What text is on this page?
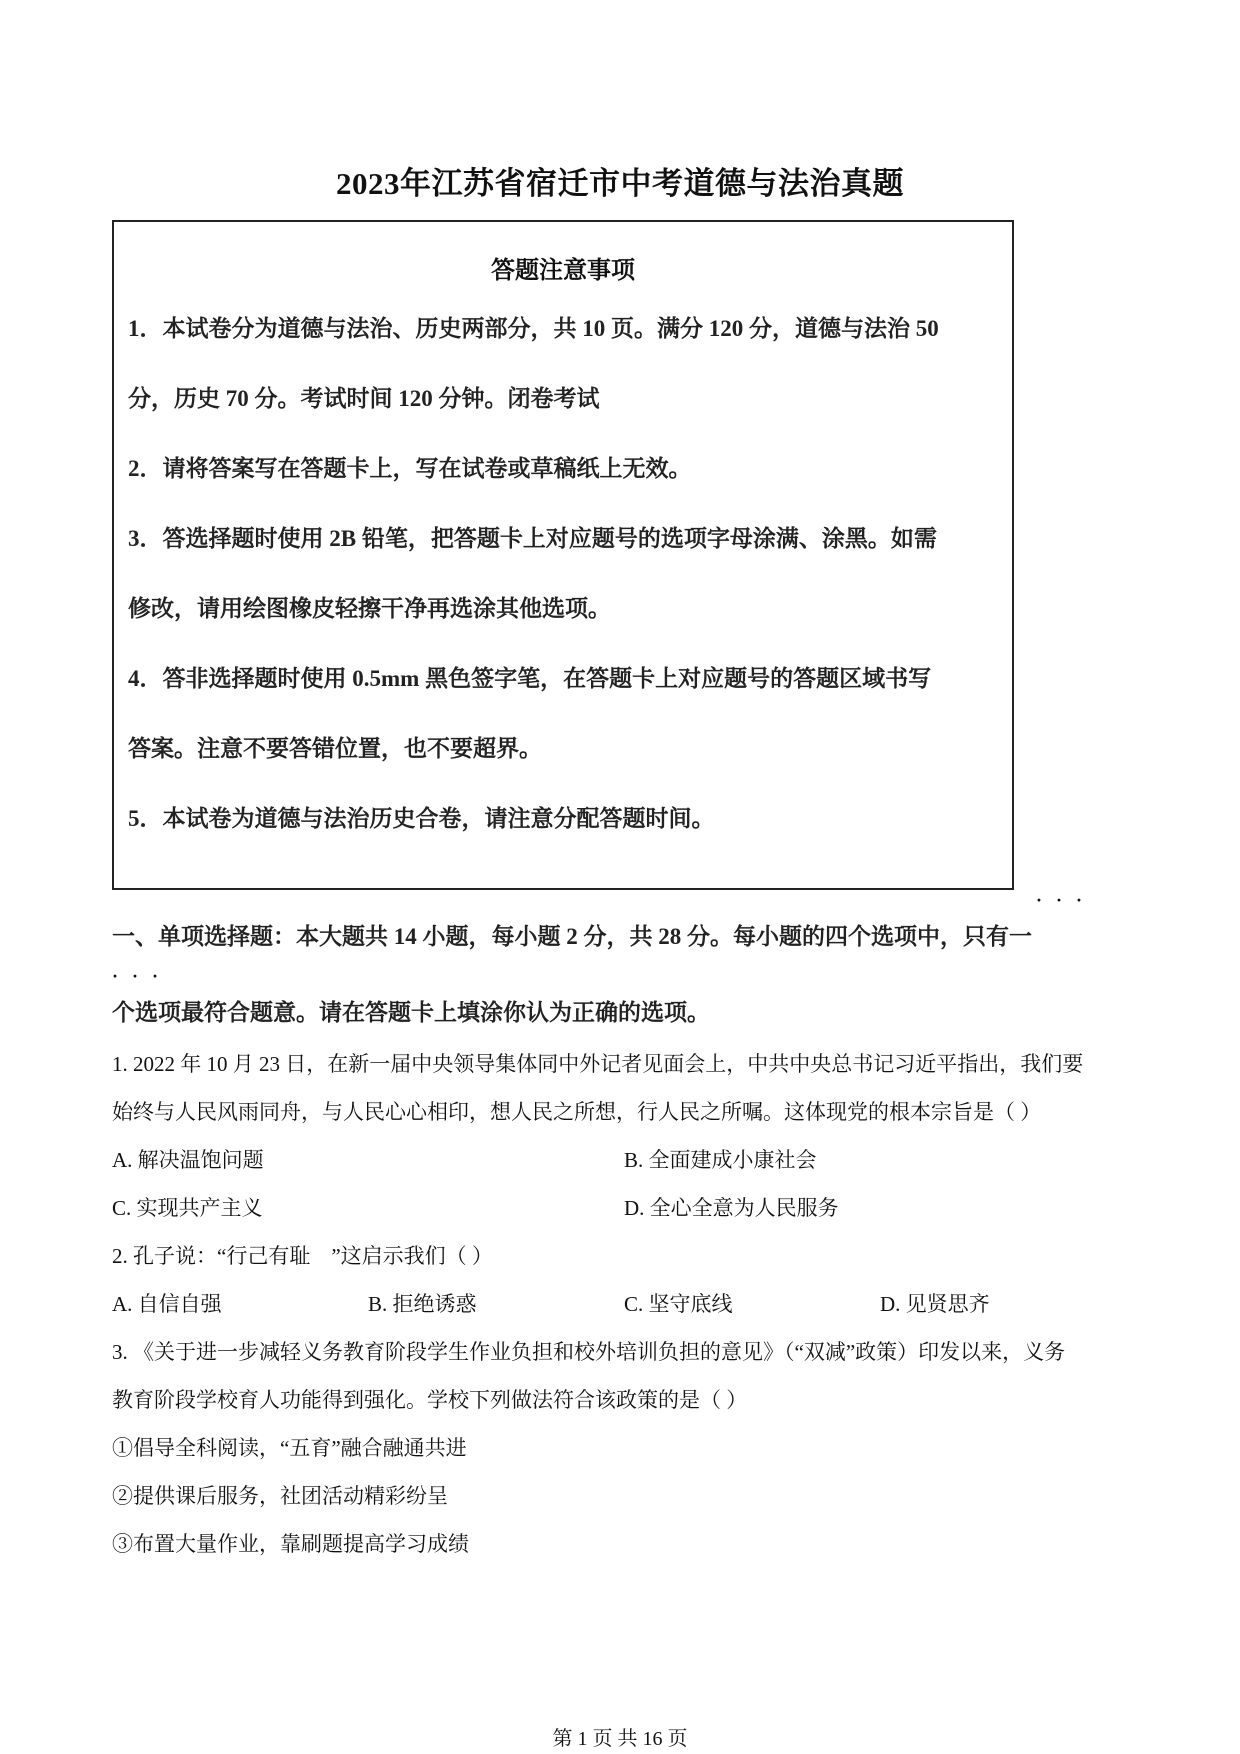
2023年江苏省宿迁市中考道德与法治真题
答题注意事项
1．本试卷分为道德与法治、历史两部分，共 10 页。满分 120 分，道德与法治 50
分，历史 70 分。考试时间 120 分钟。闭卷考试
2．请将答案写在答题卡上，写在试卷或草稿纸上无效。
3．答选择题时使用 2B 铅笔，把答题卡上对应题号的选项字母涂满、涂黑。如需
修改，请用绘图橡皮轻擦干净再选涂其他选项。
4．答非选择题时使用 0.5mm 黑色签字笔，在答题卡上对应题号的答题区域书写
答案。注意不要答错位置，也不要超界。
5．本试卷为道德与法治历史合卷，请注意分配答题时间。
···
一、单项选择题：本大题共 14 小题，每小题 2 分，共 28 分。每小题的四个选项中，只有一
···
个选项最符合题意。请在答题卡上填涂你认为正确的选项。
1. 2022 年 10 月 23 日，在新一届中央领导集体同中外记者见面会上，中共中央总书记习近平指出，我们要
始终与人民风雨同舟，与人民心心相印，想人民之所想，行人民之所嘱。这体现党的根本宗旨是（ ）
A. 解决温饱问题	B. 全面建成小康社会
C. 实现共产主义	D. 全心全意为人民服务
2. 孔子说：“行己有耻　”这启示我们（ ）
A. 自信自强	B. 拒绝诱惑	C. 坚守底线	D. 见贤思齐
3. 《关于进一步减轻义务教育阶段学生作业负担和校外培训负担的意见》（“双减”政策）印发以来，义务
教育阶段学校育人功能得到强化。学校下列做法符合该政策的是（ ）
①倡导全科阅读，“五育”融合融通共进
②提供课后服务，社团活动精彩纷呈
③布置大量作业，靠刷题提高学习成绩
第 1 页 共 16 页
